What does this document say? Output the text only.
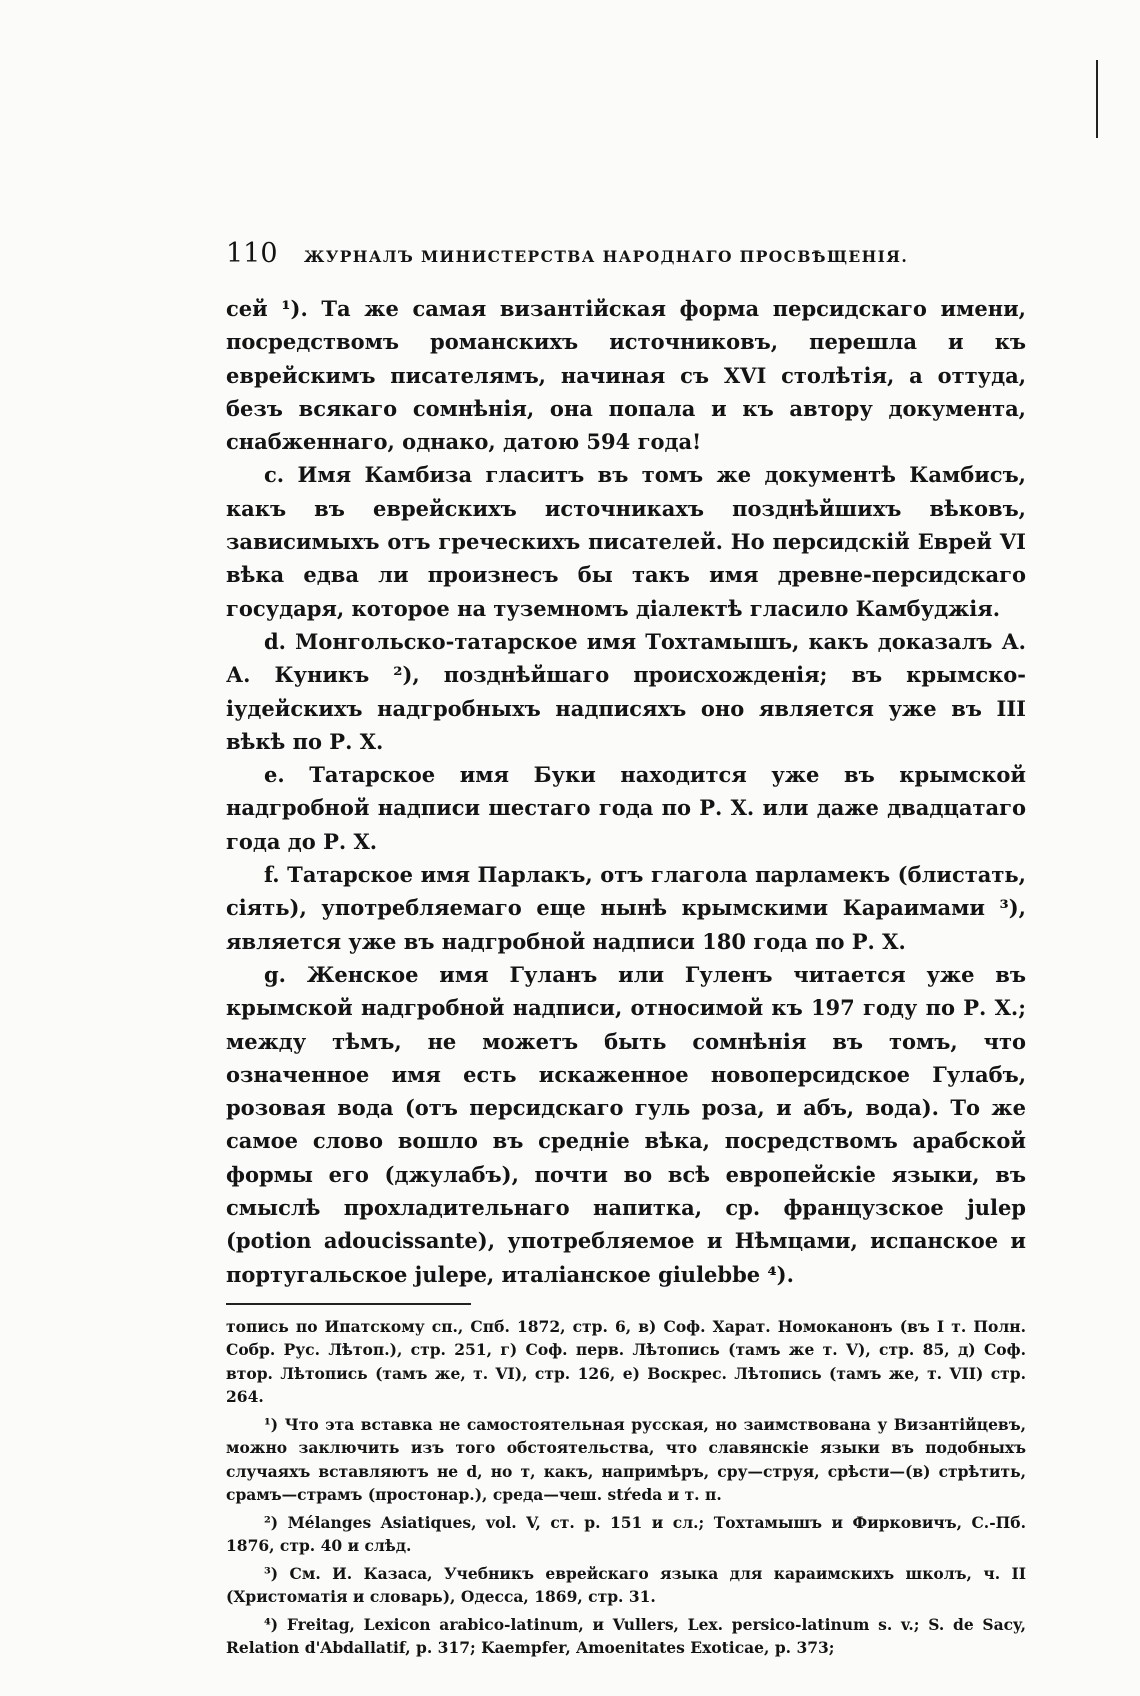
110	ЖУРНАЛЪ МИНИСТЕРСТВА НАРОДНАГО ПРОСВѢЩЕНІЯ.

сей ¹). Та же самая византійская форма персидскаго имени, посредствомъ романскихъ источниковъ, перешла и къ еврейскимъ писателямъ, начиная съ XVI столѣтія, а оттуда, безъ всякаго сомнѣнія, она попала и къ автору документа, снабженнаго, однако, датою 594 года!

c. Имя Камбиза гласитъ въ томъ же документѣ Камбисъ, какъ въ еврейскихъ источникахъ позднѣйшихъ вѣковъ, зависимыхъ отъ греческихъ писателей. Но персидскій Еврей VI вѣка едва ли произнесъ бы такъ имя древне-персидскаго государя, которое на туземномъ діалектѣ гласило Камбуджія.

d. Монгольско-татарское имя Тохтамышъ, какъ доказалъ А. А. Куникъ ²), позднѣйшаго происхожденія; въ крымско-іудейскихъ надгробныхъ надписяхъ оно является уже въ III вѣкѣ по Р. Х.

e. Татарское имя Буки находится уже въ крымской надгробной надписи шестаго года по Р. Х. или даже двадцатаго года до Р. Х.

f. Татарское имя Парлакъ, отъ глагола парламекъ (блистать, сіять), употребляемаго еще нынѣ крымскими Караимами ³), является уже въ надгробной надписи 180 года по Р. Х.

g. Женское имя Гуланъ или Гуленъ читается уже въ крымской надгробной надписи, относимой къ 197 году по Р. Х.; между тѣмъ, не можетъ быть сомнѣнія въ томъ, что означенное имя есть искаженное новоперсидское Гулабъ, розовая вода (отъ персидскаго гуль роза, и абъ, вода). То же самое слово вошло въ средніе вѣка, посредствомъ арабской формы его (джулабъ), почти во всѣ европейскіе языки, въ смыслѣ прохладительнаго напитка, ср. французское julep (potion adoucissante), употребляемое и Нѣмцами, испанское и португальское julepe, италіанское giulebbe ⁴).

топись по Ипатскому сп., Спб. 1872, стр. 6, в) Соф. Харат. Номоканонъ (въ I т. Полн. Собр. Рус. Лѣтоп.), стр. 251, г) Соф. перв. Лѣтопись (тамъ же т. V), стр. 85, д) Соф. втор. Лѣтопись (тамъ же, т. VI), стр. 126, е) Воскрес. Лѣтопись (тамъ же, т. VII) стр. 264.

¹) Что эта вставка не самостоятельная русская, но заимствована у Византійцевъ, можно заключить изъ того обстоятельства, что славянскіе языки въ подобныхъ случаяхъ вставляютъ не d, но т, какъ, напримѣръ, сру—струя, срѣсти—(в) стрѣтить, срамъ—страмъ (простонар.), среда—чеш. stŕeda и т. п.

²) Mélanges Asiatiques, vol. V, ст. р. 151 и сл.; Тохтамышъ и Фирковичъ, С.-Пб. 1876, стр. 40 и слѣд.

³) См. И. Казаса, Учебникъ еврейскаго языка для караимскихъ школъ, ч. II (Христоматія и словарь), Одесса, 1869, стр. 31.

⁴) Freitag, Lexicon arabico-latinum, и Vullers, Lex. persico-latinum s. v.; S. de Sacy, Relation d'Abdallatif, p. 317; Kaempfer, Amoenitates Exoticae, p. 373;
